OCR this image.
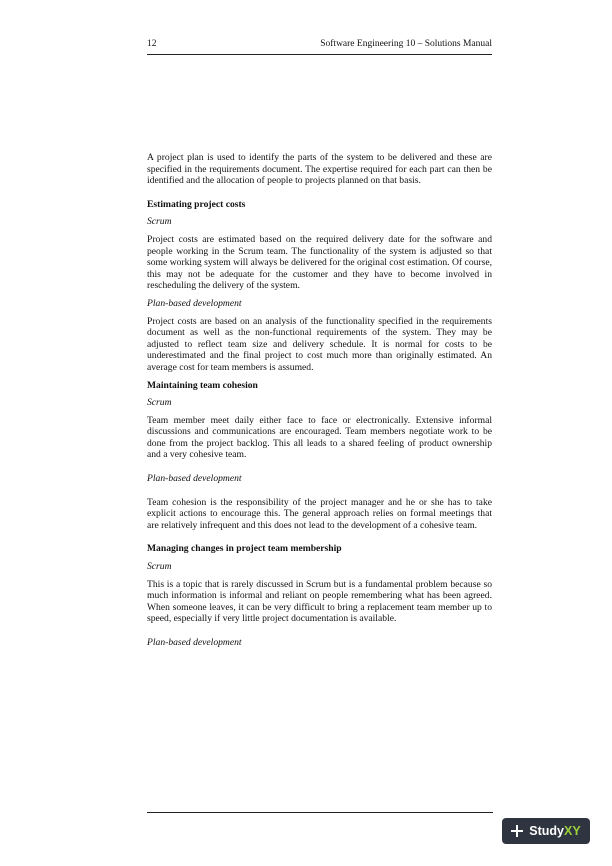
12	Software Engineering 10 – Solutions Manual

A project plan is used to identify the parts of the system to be delivered and these are specified in the requirements document. The expertise required for each part can then be identified and the allocation of people to projects planned on that basis.

Estimating project costs
Scrum

Project costs are estimated based on the required delivery date for the software and people working in the Scrum team. The functionality of the system is adjusted so that some working system will always be delivered for the original cost estimation. Of course, this may not be adequate for the customer and they have to become involved in rescheduling the delivery of the system.

Plan-based development

Project costs are based on an analysis of the functionality specified in the requirements document as well as the non-functional requirements of the system. They may be adjusted to reflect team size and delivery schedule. It is normal for costs to be underestimated and the final project to cost much more than originally estimated. An average cost for team members is assumed.

Maintaining team cohesion
Scrum

Team member meet daily either face to face or electronically. Extensive informal discussions and communications are encouraged. Team members negotiate work to be done from the project backlog. This all leads to a shared feeling of product ownership and a very cohesive team.

Plan-based development

Team cohesion is the responsibility of the project manager and he or she has to take explicit actions to encourage this. The general approach relies on formal meetings that are relatively infrequent and this does not lead to the development of a cohesive team.

Managing changes in project team membership
Scrum

This is a topic that is rarely discussed in Scrum but is a fundamental problem because so much information is informal and reliant on people remembering what has been agreed. When someone leaves, it can be very difficult to bring a replacement team member up to speed, especially if very little project documentation is available.

Plan-based development
Study XY
